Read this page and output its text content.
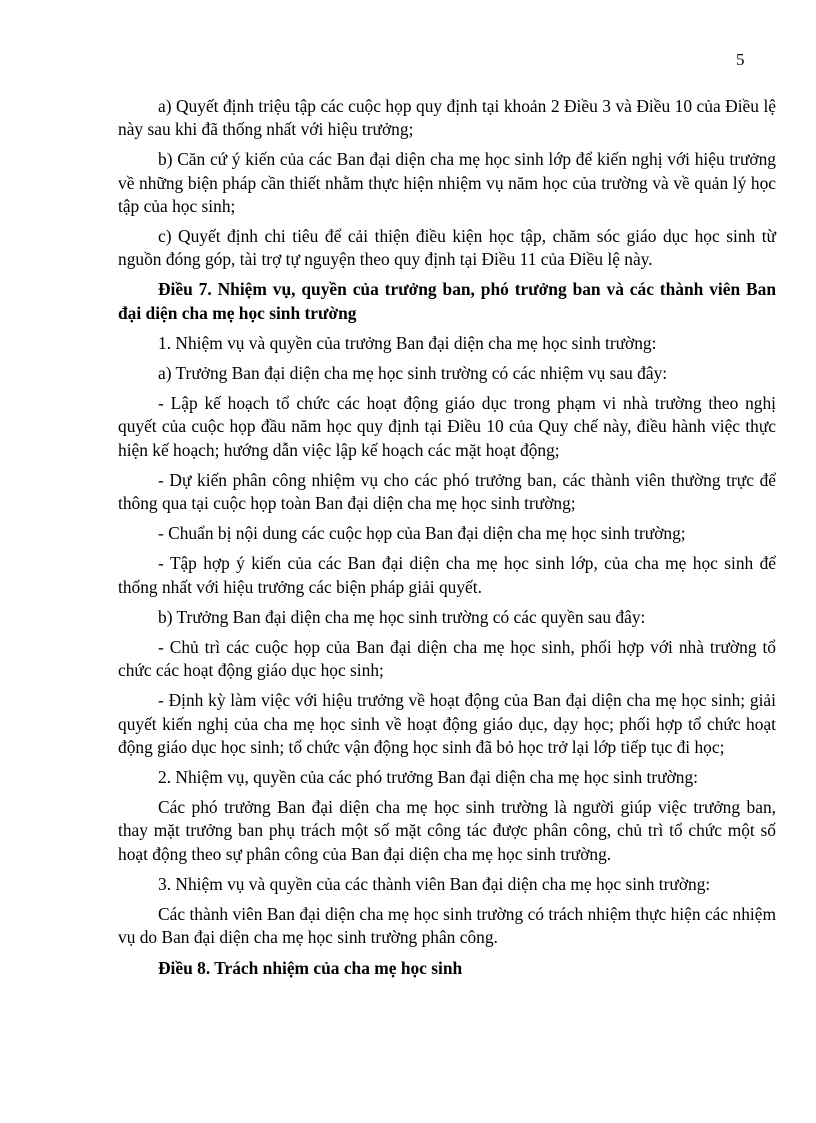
5

a) Quyết định triệu tập các cuộc họp quy định tại khoản 2 Điều 3 và Điều 10 của Điều lệ này sau khi đã thống nhất với hiệu trưởng;

b) Căn cứ ý kiến của các Ban đại diện cha mẹ học sinh lớp để kiến nghị với hiệu trưởng về những biện pháp cần thiết nhằm thực hiện nhiệm vụ năm học của trường và về quản lý học tập của học sinh;

c) Quyết định chi tiêu để cải thiện điều kiện học tập, chăm sóc giáo dục học sinh từ nguồn đóng góp, tài trợ tự nguyện theo quy định tại Điều 11 của Điều lệ này.

Điều 7. Nhiệm vụ, quyền của trưởng ban, phó trưởng ban và các thành viên Ban đại diện cha mẹ học sinh trường

1. Nhiệm vụ và quyền của trưởng Ban đại diện cha mẹ học sinh trường:

a) Trưởng Ban đại diện cha mẹ học sinh trường có các nhiệm vụ sau đây:

- Lập kế hoạch tổ chức các hoạt động giáo dục trong phạm vi nhà trường theo nghị quyết của cuộc họp đầu năm học quy định tại Điều 10 của Quy chế này, điều hành việc thực hiện kế hoạch; hướng dẫn việc lập kế hoạch các mặt hoạt động;

- Dự kiến phân công nhiệm vụ cho các phó trưởng ban, các thành viên thường trực để thông qua tại cuộc họp toàn Ban đại diện cha mẹ học sinh trường;

- Chuẩn bị nội dung các cuộc họp của Ban đại diện cha mẹ học sinh trường;

- Tập hợp ý kiến của các Ban đại diện cha mẹ học sinh lớp, của cha mẹ học sinh để thống nhất với hiệu trưởng các biện pháp giải quyết.

b) Trưởng Ban đại diện cha mẹ học sinh trường có các quyền sau đây:

- Chủ trì các cuộc họp của Ban đại diện cha mẹ học sinh, phối hợp với nhà trường tổ chức các hoạt động giáo dục học sinh;

- Định kỳ làm việc với hiệu trưởng về hoạt động của Ban đại diện cha mẹ học sinh; giải quyết kiến nghị của cha mẹ học sinh về hoạt động giáo dục, dạy học; phối hợp tổ chức hoạt động giáo dục học sinh; tổ chức vận động học sinh đã bỏ học trở lại lớp tiếp tục đi học;

2. Nhiệm vụ, quyền của các phó trưởng Ban đại diện cha mẹ học sinh trường:

Các phó trưởng Ban đại diện cha mẹ học sinh trường là người giúp việc trưởng ban, thay mặt trưởng ban phụ trách một số mặt công tác được phân công, chủ trì tổ chức một số hoạt động theo sự phân công của Ban đại diện cha mẹ học sinh trường.

3. Nhiệm vụ và quyền của các thành viên Ban đại diện cha mẹ học sinh trường:

Các thành viên Ban đại diện cha mẹ học sinh trường có trách nhiệm thực hiện các nhiệm vụ do Ban đại diện cha mẹ học sinh trường phân công.

Điều 8. Trách nhiệm của cha mẹ học sinh
